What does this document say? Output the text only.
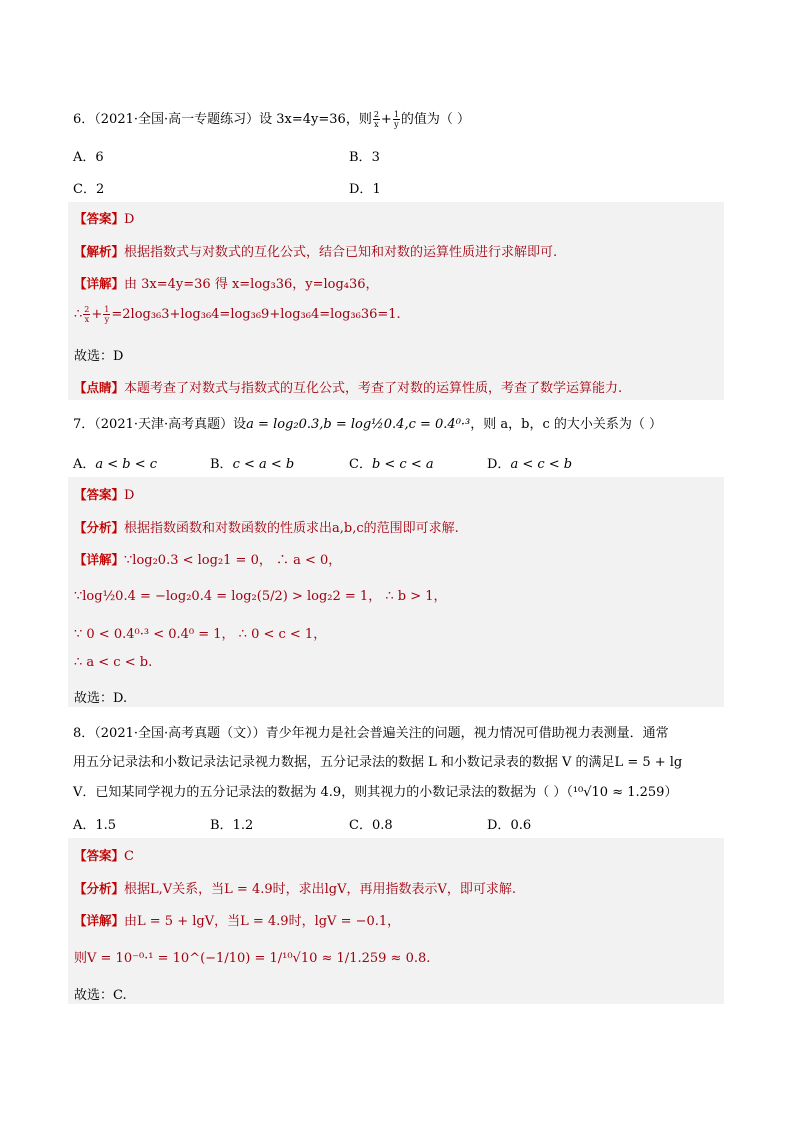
6．（2021·全国·高一专题练习）设 3x=4y=36，则 $\frac{2}{x} + \frac{1}{y}$ 的值为（ ）
A．6	B．3
C．2	D．1
【答案】D
【解析】根据指数式与对数式的互化公式，结合已知和对数的运算性质进行求解即可.
【详解】由 3x=4y=36 得 x=log₃36，y=log₄36，
∴ $\frac{2}{x} + \frac{1}{y} =2\log_{36}3+\log_{36}4=\log_{36}9+\log_{36}4=\log_{36}36=1$.
故选：D
【点睛】本题考查了对数式与指数式的互化公式，考查了对数的运算性质，考查了数学运算能力.
7．（2021·天津·高考真题）设a = log₂0.3,b = log½0.4,c = 0.4⁰·³，则 a，b，c 的大小关系为（ ）
A．a < b < c	B．c < a < b	C．b < c < a	D．a < c < b
【答案】D
【分析】根据指数函数和对数函数的性质求出a,b,c的范围即可求解.
【详解】∵log₂0.3 < log₂1 = 0， ∴ a < 0，
∵log½0.4 = −log₂0.4 = log₂(5/2) > log₂2 = 1， ∴ b > 1，
∵ 0 < 0.4⁰·³ < 0.4⁰ = 1， ∴ 0 < c < 1，
∴ a < c < b.
故选：D.
8．（2021·全国·高考真题（文））青少年视力是社会普遍关注的问题，视力情况可借助视力表测量．通常
用五分记录法和小数记录法记录视力数据，五分记录法的数据 L 和小数记录表的数据 V 的满足L = 5 + lg
V．已知某同学视力的五分记录法的数据为 4.9，则其视力的小数记录法的数据为（ ）（¹⁰√10 ≈ 1.259）
A．1.5	B．1.2	C．0.8	D．0.6
【答案】C
【分析】根据L,V关系，当L = 4.9时，求出lgV，再用指数表示V，即可求解.
【详解】由L = 5 + lgV，当L = 4.9时，lgV = −0.1，
则V = 10⁻⁰·¹ = 10^(−1/10) = 1/¹⁰√10 ≈ 1/1.259 ≈ 0.8.
故选：C.
